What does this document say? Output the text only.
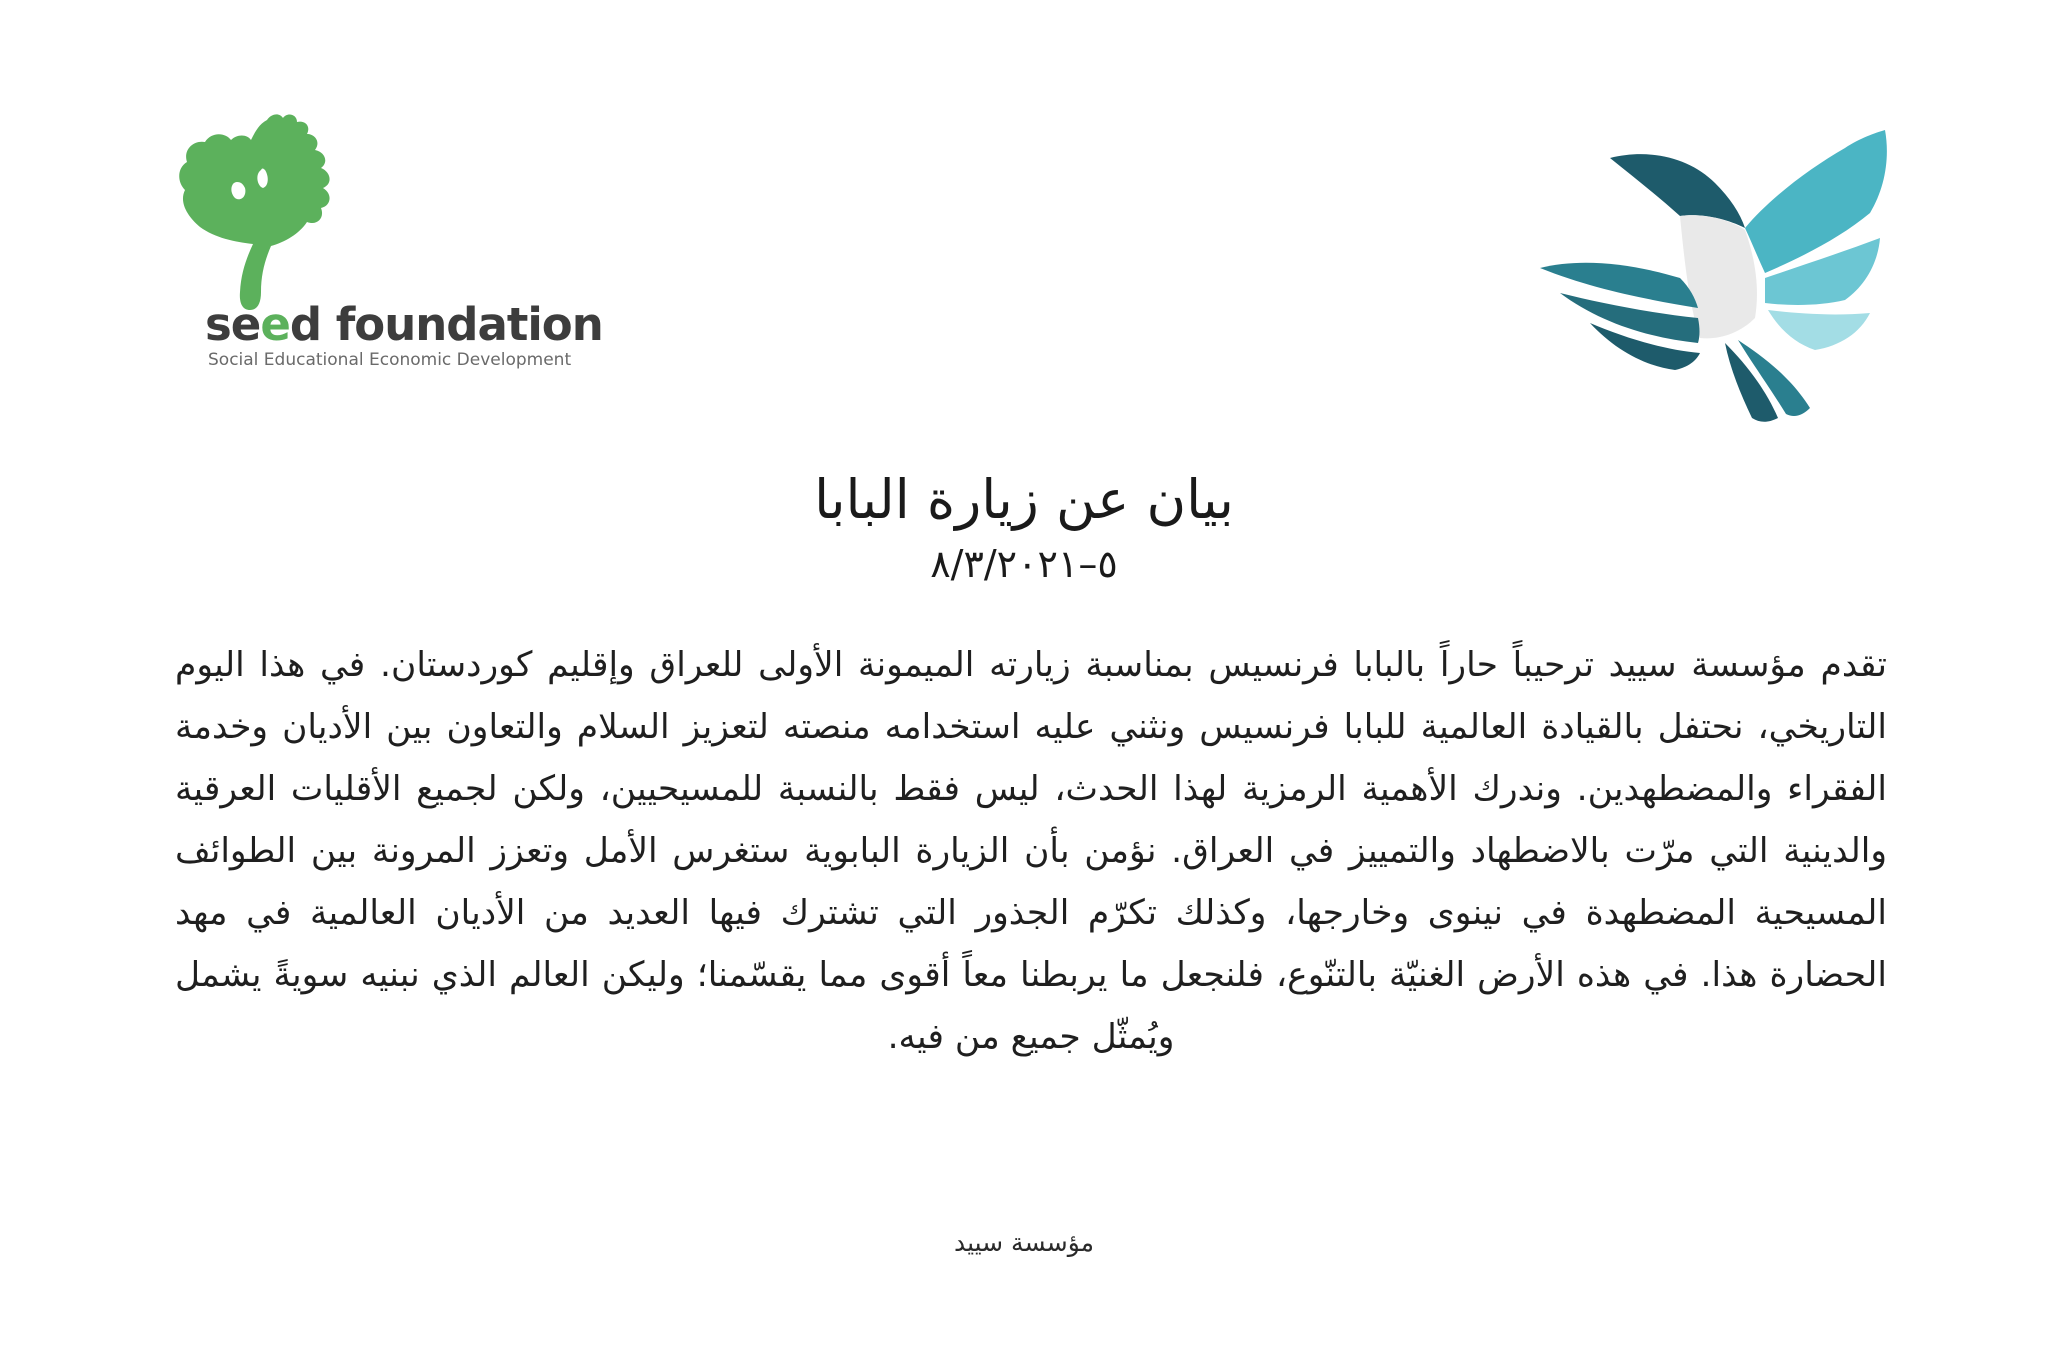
seed foundation
Social Educational Economic Development
بيان عن زيارة البابا
٥–٨/٣/٢٠٢١

تقدم مؤسسة سييد ترحيباً حاراً بالبابا فرنسيس بمناسبة زيارته الميمونة الأولى للعراق وإقليم كوردستان. في هذا اليوم التاريخي، نحتفل بالقيادة العالمية للبابا فرنسيس ونثني عليه استخدامه منصته لتعزيز السلام والتعاون بين الأديان وخدمة الفقراء والمضطهدين. وندرك الأهمية الرمزية لهذا الحدث، ليس فقط بالنسبة للمسيحيين، ولكن لجميع الأقليات العرقية والدينية التي مرّت بالاضطهاد والتمييز في العراق. نؤمن بأن الزيارة البابوية ستغرس الأمل وتعزز المرونة بين الطوائف المسيحية المضطهدة في نينوى وخارجها، وكذلك تكرّم الجذور التي تشترك فيها العديد من الأديان العالمية في مهد الحضارة هذا. في هذه الأرض الغنيّة بالتنّوع، فلنجعل ما يربطنا معاً أقوى مما يقسّمنا؛ وليكن العالم الذي نبنيه سويةً يشمل ويُمثّل جميع من فيه.

مؤسسة سييد
